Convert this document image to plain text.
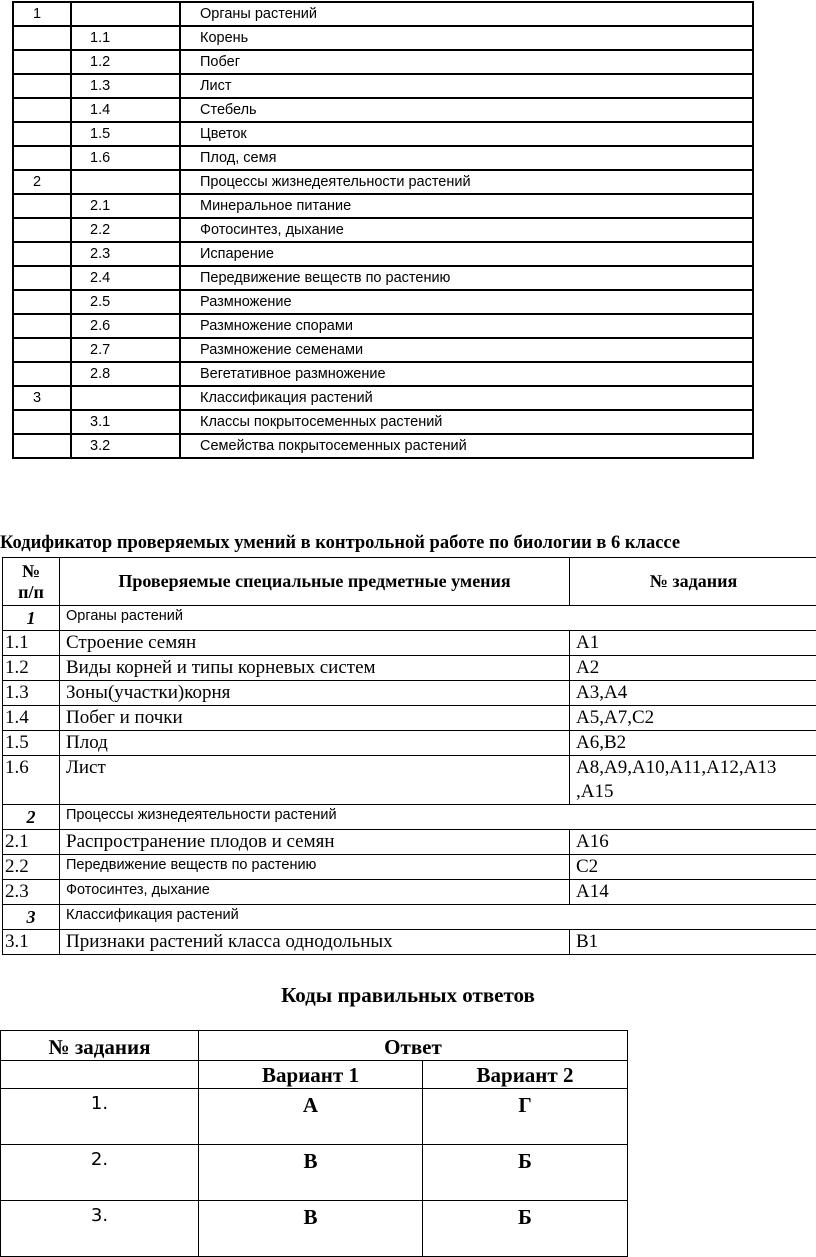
1		Органы растений
	1.1	Корень
	1.2	Побег
	1.3	Лист
	1.4	Стебель
	1.5	Цветок
	1.6	Плод, семя
2		Процессы жизнедеятельности растений
	2.1	Минеральное питание
	2.2	Фотосинтез, дыхание
	2.3	Испарение
	2.4	Передвижение веществ по растению
	2.5	Размножение
	2.6	Размножение спорами
	2.7	Размножение семенами
	2.8	Вегетативное размножение
3		Классификация растений
	3.1	Классы покрытосеменных растений
	3.2	Семейства покрытосеменных растений
Кодификатор проверяемых умений в контрольной работе по биологии в 6 классе
№
п/п	Проверяемые специальные предметные умения	№ задания
1	Органы растений	
1.1	Строение семян	А1
1.2	Виды корней и типы корневых систем	А2
1.3	Зоны(участки)корня	А3,А4
1.4	Побег и почки	А5,А7,С2
1.5	Плод	А6,В2
1.6	Лист	А8,А9,А10,А11,А12,А13
,А15

2	Процессы жизнедеятельности растений	
2.1	Распространение плодов и семян	А16
2.2	Передвижение веществ по растению	С2
2.3	Фотосинтез, дыхание	А14
3	Классификация растений	
3.1	Признаки растений класса однодольных	В1
Коды правильных ответов
№ задания	Ответ	
	Вариант 1	Вариант 2
1.	А	Г
2.	В	Б
3.	В	Б
